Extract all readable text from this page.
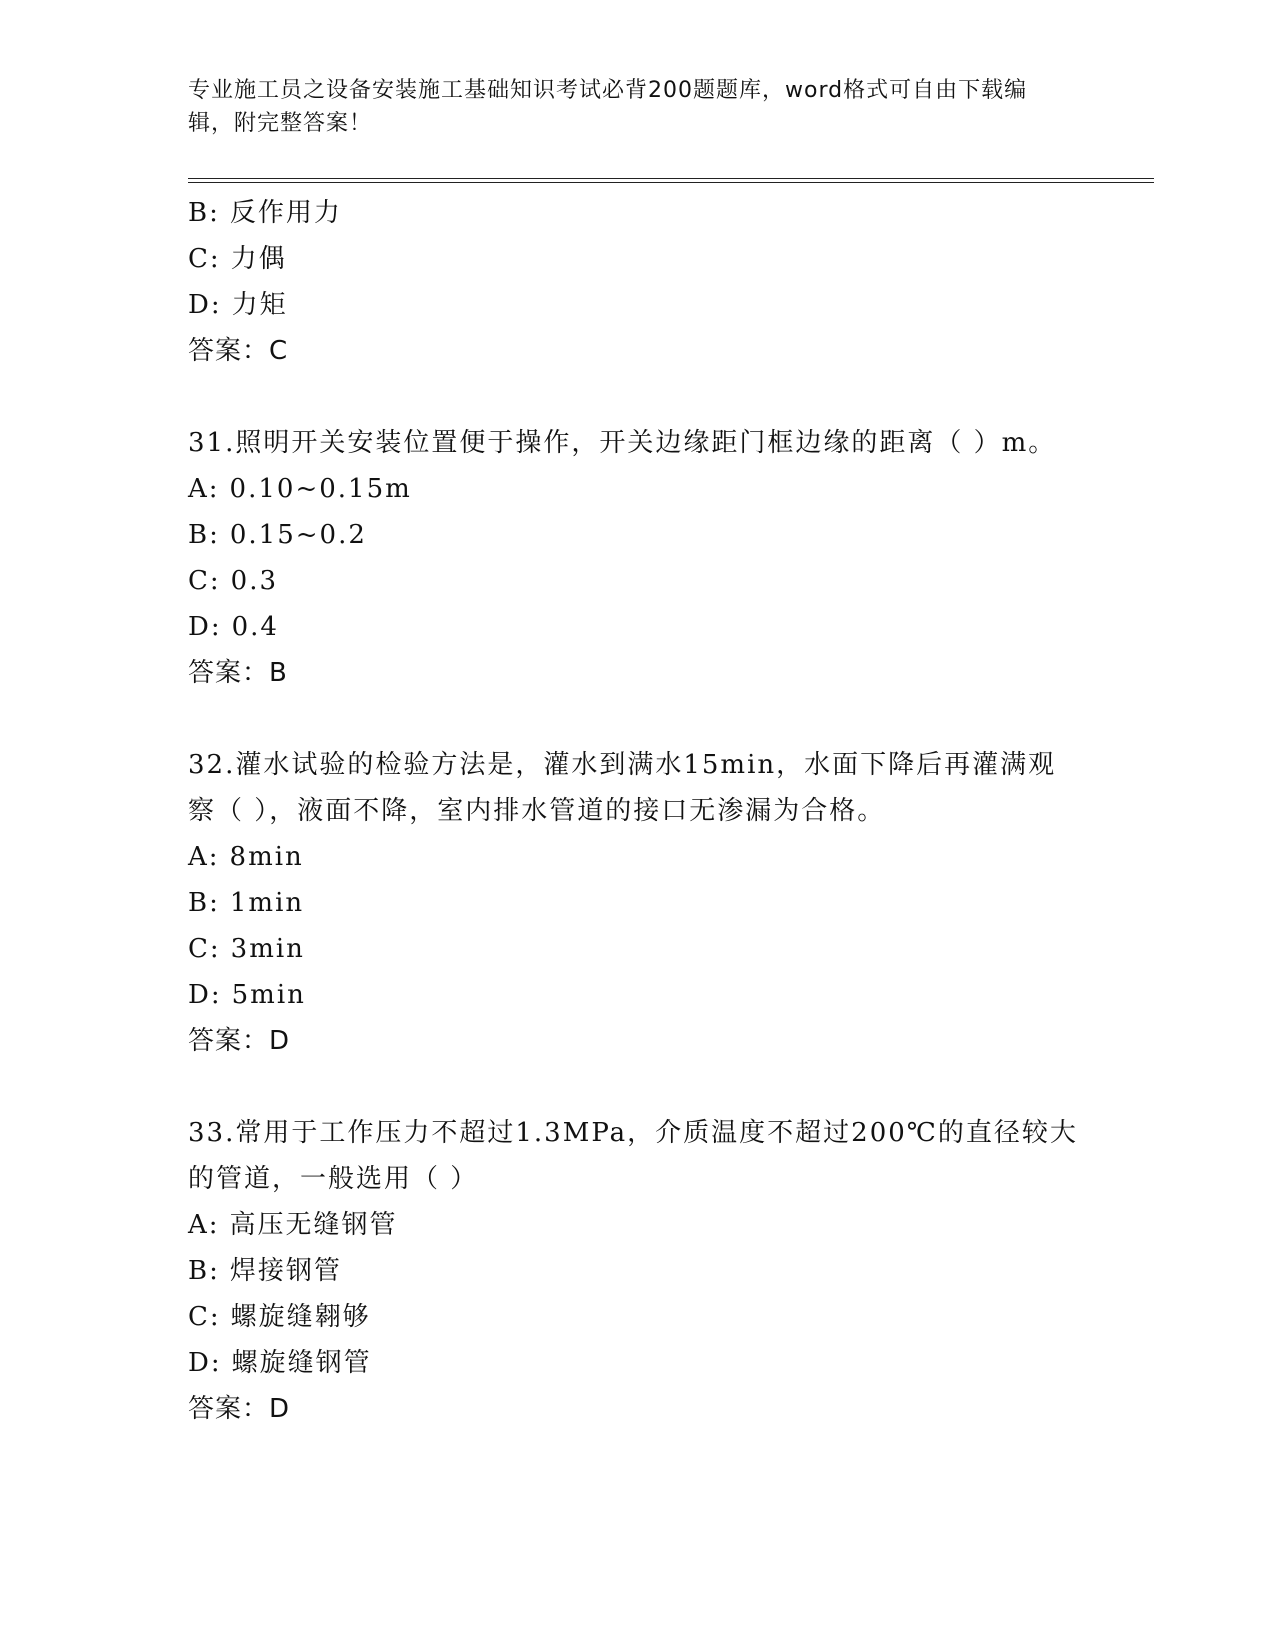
专业施工员之设备安装施工基础知识考试必背200题题库，word格式可自由下载编辑，附完整答案！
B: 反作用力
C: 力偶
D: 力矩
答案：C
31.照明开关安装位置便于操作，开关边缘距门框边缘的距离（ ）m。
A: 0.10~0.15m
B: 0.15~0.2
C: 0.3
D: 0.4
答案：B
32.灌水试验的检验方法是，灌水到满水15min，水面下降后再灌满观察（ ），液面不降，室内排水管道的接口无渗漏为合格。
A: 8min
B: 1min
C: 3min
D: 5min
答案：D
33.常用于工作压力不超过1.3MPa，介质温度不超过200℃的直径较大的管道，一般选用（ ）
A: 高压无缝钢管
B: 焊接钢管
C: 螺旋缝翱够
D: 螺旋缝钢管
答案：D
